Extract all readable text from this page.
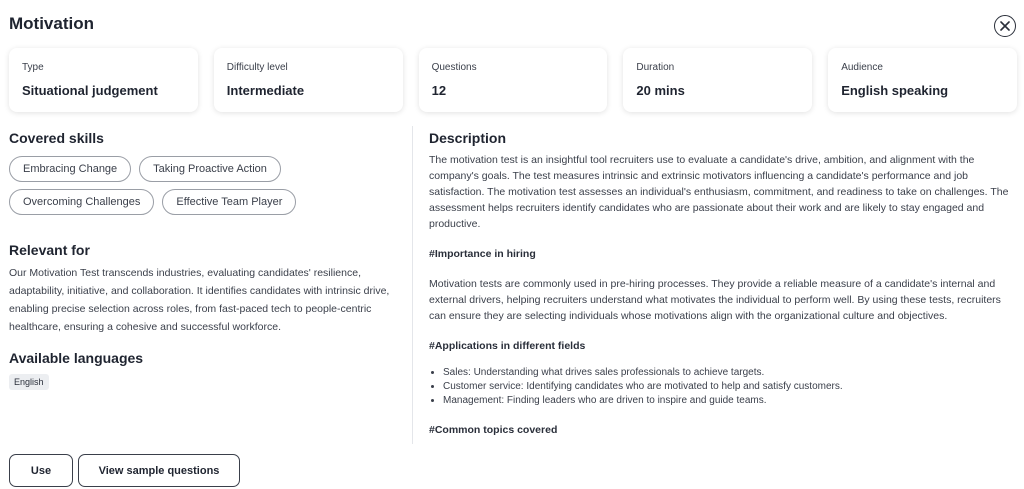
Motivation
Type
Situational judgement
Difficulty level
Intermediate
Questions
12
Duration
20 mins
Audience
English speaking
Covered skills
Embracing Change	Taking Proactive Action
Overcoming Challenges	Effective Team Player
Relevant for
Our Motivation Test transcends industries, evaluating candidates' resilience, adaptability, initiative, and collaboration. It identifies candidates with intrinsic drive, enabling precise selection across roles, from fast-paced tech to people-centric healthcare, ensuring a cohesive and successful workforce.
Available languages
English
Description

The motivation test is an insightful tool recruiters use to evaluate a candidate's drive, ambition, and alignment with the company's goals. The test measures intrinsic and extrinsic motivators influencing a candidate's performance and job satisfaction. The motivation test assesses an individual's enthusiasm, commitment, and readiness to take on challenges. The assessment helps recruiters identify candidates who are passionate about their work and are likely to stay engaged and productive.

#Importance in hiring

Motivation tests are commonly used in pre-hiring processes. They provide a reliable measure of a candidate's internal and external drivers, helping recruiters understand what motivates the individual to perform well. By using these tests, recruiters can ensure they are selecting individuals whose motivations align with the organizational culture and objectives.

#Applications in different fields
• Sales: Understanding what drives sales professionals to achieve targets.
• Customer service: Identifying candidates who are motivated to help and satisfy customers.
• Management: Finding leaders who are driven to inspire and guide teams.
#Common topics covered
Use	View sample questions
